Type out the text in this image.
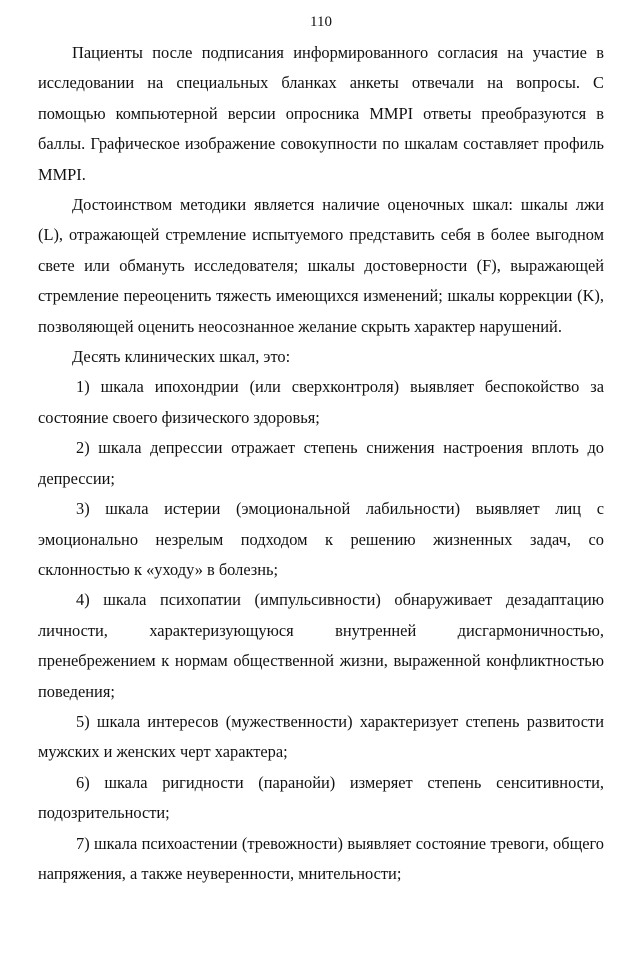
110

Пациенты после подписания информированного согласия на участие в исследовании на специальных бланках анкеты отвечали на вопросы. С помощью компьютерной версии опросника MMPI ответы преобразуются в баллы. Графическое изображение совокупности по шкалам составляет профиль MMPI.

Достоинством методики является наличие оценочных шкал: шкалы лжи (L), отражающей стремление испытуемого представить себя в более выгодном свете или обмануть исследователя; шкалы достоверности (F), выражающей стремление переоценить тяжесть имеющихся изменений; шкалы коррекции (K), позволяющей оценить неосознанное желание скрыть характер нарушений.

Десять клинических шкал, это:

1) шкала ипохондрии (или сверхконтроля) выявляет беспокойство за состояние своего физического здоровья;

2) шкала депрессии отражает степень снижения настроения вплоть до депрессии;

3) шкала истерии (эмоциональной лабильности) выявляет лиц с эмоционально незрелым подходом к решению жизненных задач, со склонностью к «уходу» в болезнь;

4) шкала психопатии (импульсивности) обнаруживает дезадаптацию личности, характеризующуюся внутренней дисгармоничностью, пренебрежением к нормам общественной жизни, выраженной конфликтностью поведения;

5) шкала интересов (мужественности) характеризует степень развитости мужских и женских черт характера;

6) шкала ригидности (паранойи) измеряет степень сенситивности, подозрительности;

7) шкала психоастении (тревожности) выявляет состояние тревоги, общего напряжения, а также неуверенности, мнительности;
